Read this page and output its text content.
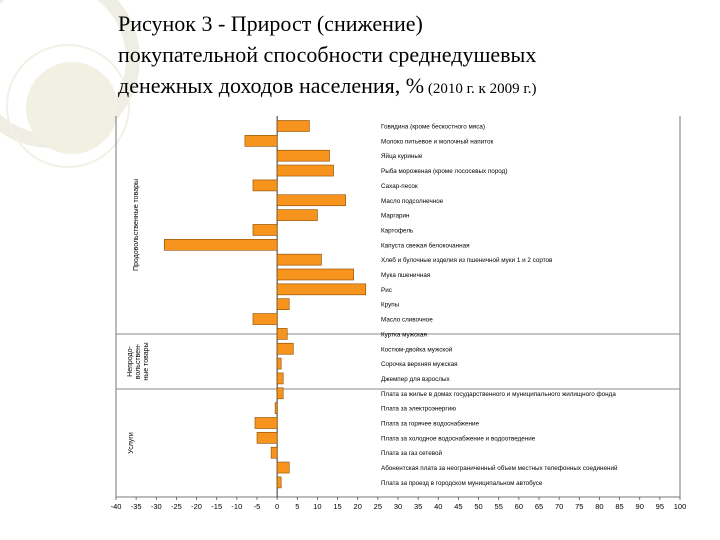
Рисунок 3 - Прирост (снижение)
покупательной способности среднедушевых
денежных доходов населения, % (2010 г. к 2009 г.)
-40 -35 -30 -25 -20 -15 -10 -5 0 5 10 15 20 25 30 35 40 45 50 55 60 65 70 75 80 85 90 95 100
Продовольственные товары
Говядина (кроме бескостного мяса)
Молоко питьевое и молочный напиток
Яйца куриные
Рыба мороженая (кроме лососевых пород)
Сахар-песок
Масло подсолнечное
Маргарин
Картофель
Капуста свежая белокочанная
Хлеб и булочные изделия из пшеничной муки 1 и 2 сортов
Мука пшеничная
Рис
Крупы
Масло сливочное
Непродо- вольствен- ные товары
Куртка мужская
Костюм-двойка мужской
Сорочка верхняя мужская
Джемпер для взрослых
Услуги
Плата за жилье в домах государственного и муниципального жилищного фонда
Плата за электроэнергию
Плата за горячее водоснабжение
Плата за холодное водоснабжение и водоотведение
Плата за газ сетевой
Абонентская плата за неограниченный объем местных телефонных соединений
Плата за проезд в городском муниципальном автобусе
